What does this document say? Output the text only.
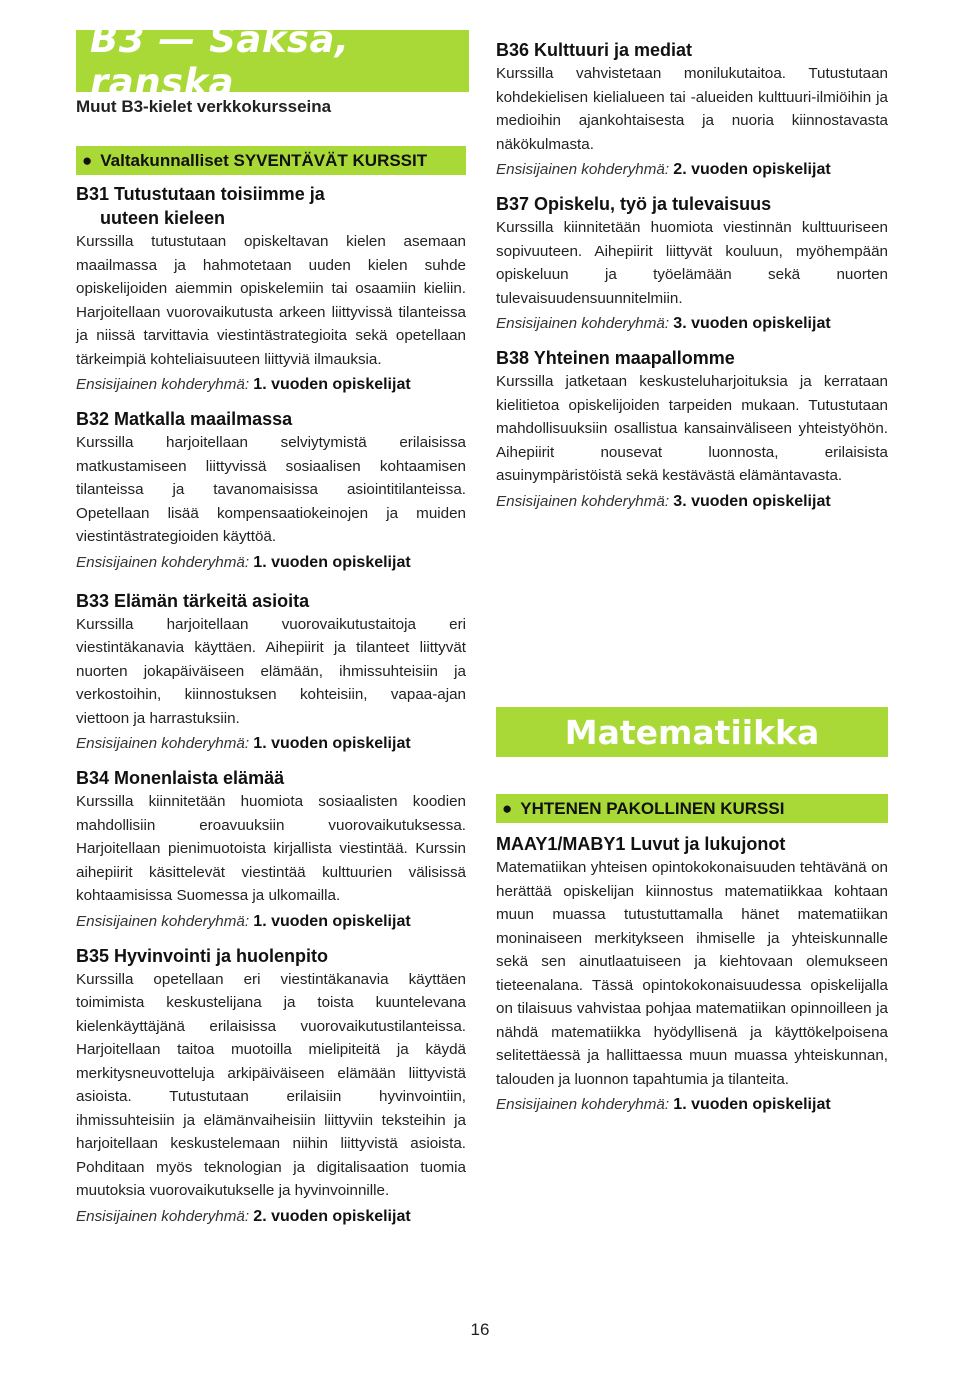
B3 — Saksa, ranska
Muut B3-kielet verkkokursseina
● Valtakunnalliset SYVENTÄVÄT KURSSIT
B31 Tutustutaan toisiimme ja
uuteen kieleen
Kurssilla tutustutaan opiskeltavan kielen asemaan maailmassa ja hahmotetaan uuden kielen suhde opiskelijoiden aiemmin opiskelemiin tai osaamiin kieliin. Harjoitellaan vuorovaikutusta arkeen liittyvissä tilanteissa ja niissä tarvittavia viestintästrategioita sekä opetellaan tärkeimpiä kohteliaisuuteen liittyviä ilmauksia.
Ensisijainen kohderyhmä: 1. vuoden opiskelijat
B32 Matkalla maailmassa
Kurssilla harjoitellaan selviytymistä erilaisissa matkustamiseen liittyvissä sosiaalisen kohtaamisen tilanteissa ja tavanomaisissa asiointitilanteissa. Opetellaan lisää kompensaatiokeinojen ja muiden viestintästrategioiden käyttöä.
Ensisijainen kohderyhmä: 1. vuoden opiskelijat
B33 Elämän tärkeitä asioita
Kurssilla harjoitellaan vuorovaikutustaitoja eri viestintäkanavia käyttäen. Aihepiirit ja tilanteet liittyvät nuorten jokapäiväiseen elämään, ihmissuhteisiin ja verkostoihin, kiinnostuksen kohteisiin, vapaa-ajan viettoon ja harrastuksiin.
Ensisijainen kohderyhmä: 1. vuoden opiskelijat
B34 Monenlaista elämää
Kurssilla kiinnitetään huomiota sosiaalisten koodien mahdollisiin eroavuuksiin vuorovaikutuksessa. Harjoitellaan pienimuotoista kirjallista viestintää. Kurssin aihepiirit käsittelevät viestintää kulttuurien välisissä kohtaamisissa Suomessa ja ulkomailla.
Ensisijainen kohderyhmä: 1. vuoden opiskelijat
B35 Hyvinvointi ja huolenpito
Kurssilla opetellaan eri viestintäkanavia käyttäen toimimista keskustelijana ja toista kuuntelevana kielenkäyttäjänä erilaisissa vuorovaikutustilanteissa. Harjoitellaan taitoa muotoilla mielipiteitä ja käydä merkitysneuvotteluja arkipäiväiseen elämään liittyvistä asioista. Tutustutaan erilaisiin hyvinvointiin, ihmissuhteisiin ja elämänvaiheisiin liittyviin teksteihin ja harjoitellaan keskustelemaan niihin liittyvistä asioista. Pohditaan myös teknologian ja digitalisaation tuomia muutoksia vuorovaikutukselle ja hyvinvoinnille.
Ensisijainen kohderyhmä: 2. vuoden opiskelijat
B36 Kulttuuri ja mediat
Kurssilla vahvistetaan monilukutaitoa. Tutustutaan kohdekielisen kielialueen tai -alueiden kulttuuri-ilmiöihin ja medioihin ajankohtaisesta ja nuoria kiinnostavasta näkökulmasta.
Ensisijainen kohderyhmä: 2. vuoden opiskelijat
B37 Opiskelu, työ ja tulevaisuus
Kurssilla kiinnitetään huomiota viestinnän kulttuuriseen sopivuuteen. Aihepiirit liittyvät kouluun, myöhempään opiskeluun ja työelämään sekä nuorten tulevaisuudensuunnitelmiin.
Ensisijainen kohderyhmä: 3. vuoden opiskelijat
B38 Yhteinen maapallomme
Kurssilla jatketaan keskusteluharjoituksia ja kerrataan kielitietoa opiskelijoiden tarpeiden mukaan. Tutustutaan mahdollisuuksiin osallistua kansainväliseen yhteistyöhön. Aihepiirit nousevat luonnosta, erilaisista asuinympäristöistä sekä kestävästä elämäntavasta.
Ensisijainen kohderyhmä: 3. vuoden opiskelijat
Matematiikka
● YHTENEN PAKOLLINEN KURSSI
MAAY1/MABY1 Luvut ja lukujonot
Matematiikan yhteisen opintokokonaisuuden tehtävänä on herättää opiskelijan kiinnostus matematiikkaa kohtaan muun muassa tutustuttamalla hänet matematiikan moninaiseen merkitykseen ihmiselle ja yhteiskunnalle sekä sen ainutlaatuiseen ja kiehtovaan olemukseen tieteenalana. Tässä opintokokonaisuudessa opiskelijalla on tilaisuus vahvistaa pohjaa matematiikan opinnoilleen ja nähdä matematiikka hyödyllisenä ja käyttökelpoisena selitettäessä ja hallittaessa muun muassa yhteiskunnan, talouden ja luonnon tapahtumia ja tilanteita.
Ensisijainen kohderyhmä: 1. vuoden opiskelijat
16
